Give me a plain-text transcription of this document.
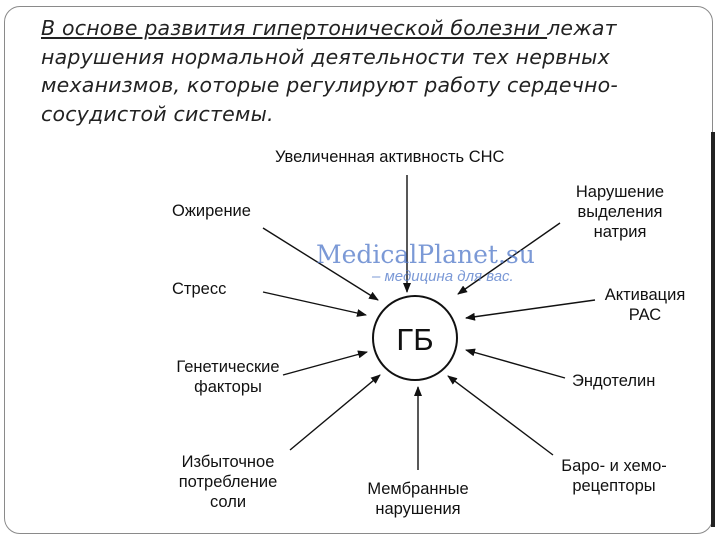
В основе развития гипертонической болезни лежат нарушения нормальной деятельности тех нервных механизмов, которые регулируют работу сердечно-сосудистой системы.
MedicalPlanet.su
– медицина для вас.
ГБ
Увеличенная активность СНС
Ожирение
Нарушение
выделения
натрия
Стресс	Активация
РАС
Генетические
факторы	Эндотелин
Избыточное
потребление
соли
Мембранные
нарушения
Баро- и хемо-
рецепторы
